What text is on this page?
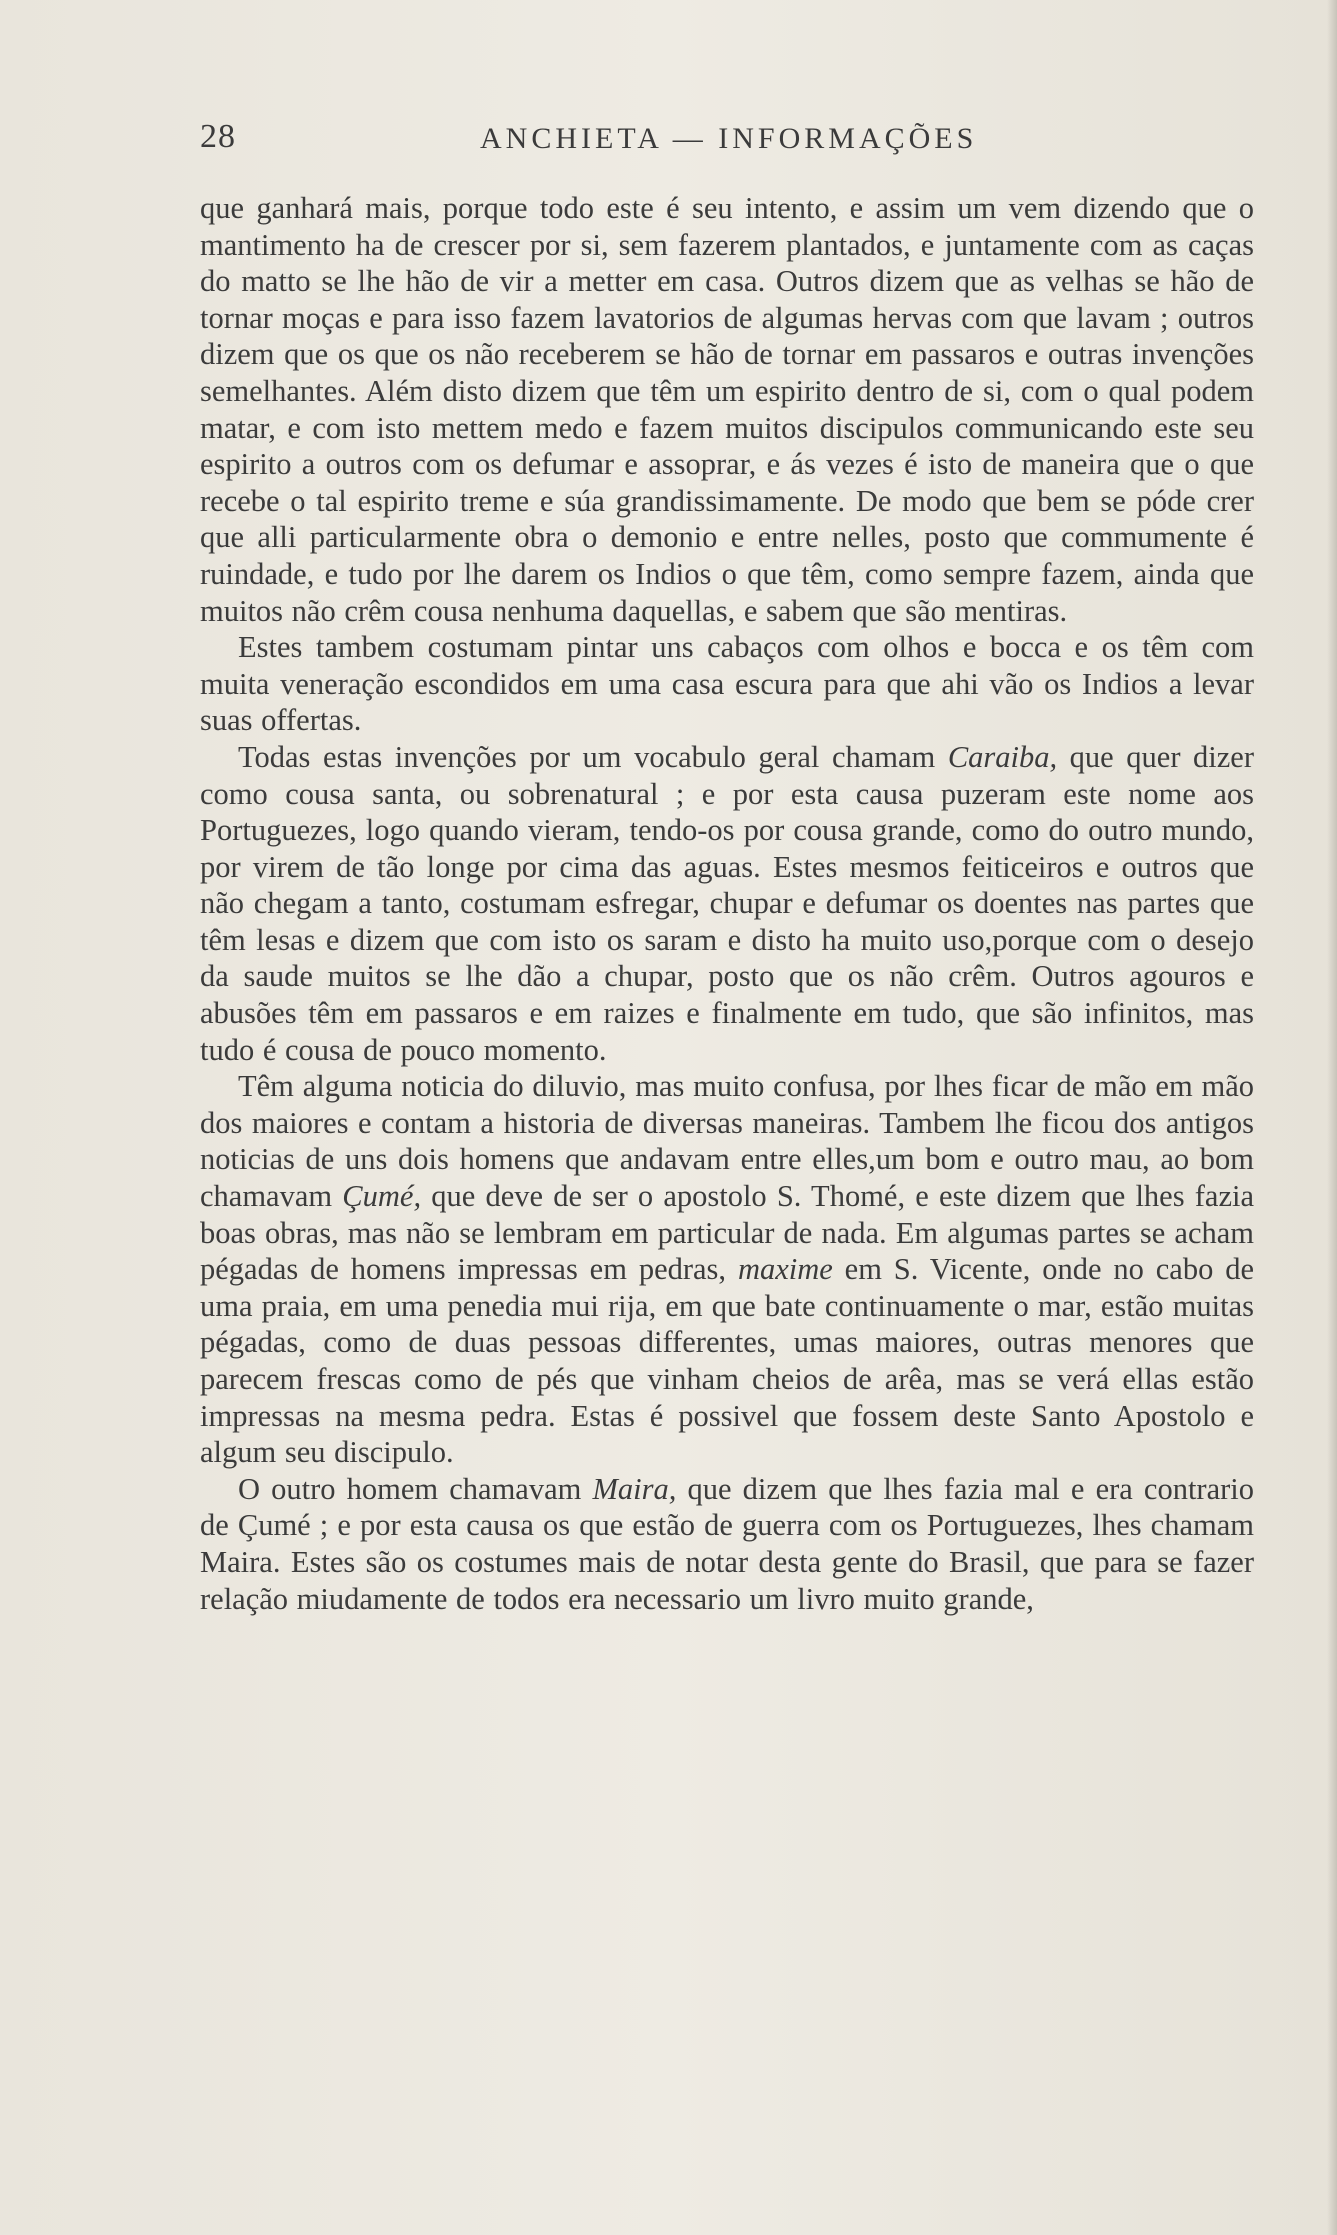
28	ANCHIETA — INFORMAÇÕES

que ganhará mais, porque todo este é seu intento, e assim um vem dizendo que o mantimento ha de crescer por si, sem fazerem plantados, e juntamente com as caças do matto se lhe hão de vir a metter em casa. Outros dizem que as velhas se hão de tornar moças e para isso fazem lavatorios de algumas hervas com que lavam ; outros dizem que os que os não receberem se hão de tornar em passaros e outras invenções semelhantes. Além disto dizem que têm um espirito dentro de si, com o qual podem matar, e com isto mettem medo e fazem muitos discipulos communicando este seu espirito a outros com os defumar e assoprar, e ás vezes é isto de maneira que o que recebe o tal espirito treme e súa grandissimamente. De modo que bem se póde crer que alli particularmente obra o demonio e entre nelles, posto que commumente é ruindade, e tudo por lhe darem os Indios o que têm, como sempre fazem, ainda que muitos não crêm cousa nenhuma daquellas, e sabem que são mentiras.

Estes tambem costumam pintar uns cabaços com olhos e bocca e os têm com muita veneração escondidos em uma casa escura para que ahi vão os Indios a levar suas offertas.

Todas estas invenções por um vocabulo geral chamam Caraiba, que quer dizer como cousa santa, ou sobrenatural ; e por esta causa puzeram este nome aos Portuguezes, logo quando vieram, tendo-os por cousa grande, como do outro mundo, por virem de tão longe por cima das aguas. Estes mesmos feiticeiros e outros que não chegam a tanto, costumam esfregar, chupar e defumar os doentes nas partes que têm lesas e dizem que com isto os saram e disto ha muito uso,porque com o desejo da saude muitos se lhe dão a chupar, posto que os não crêm. Outros agouros e abusões têm em passaros e em raizes e finalmente em tudo, que são infinitos, mas tudo é cousa de pouco momento.

Têm alguma noticia do diluvio, mas muito confusa, por lhes ficar de mão em mão dos maiores e contam a historia de diversas maneiras. Tambem lhe ficou dos antigos noticias de uns dois homens que andavam entre elles,um bom e outro mau, ao bom chamavam Çumé, que deve de ser o apostolo S. Thomé, e este dizem que lhes fazia boas obras, mas não se lembram em particular de nada. Em algumas partes se acham pégadas de homens impressas em pedras, maxime em S. Vicente, onde no cabo de uma praia, em uma penedia mui rija, em que bate continuamente o mar, estão muitas pégadas, como de duas pessoas differentes, umas maiores, outras menores que parecem frescas como de pés que vinham cheios de arêa, mas se verá ellas estão impressas na mesma pedra. Estas é possivel que fossem deste Santo Apostolo e algum seu discipulo.

O outro homem chamavam Maira, que dizem que lhes fazia mal e era contrario de Çumé ; e por esta causa os que estão de guerra com os Portuguezes, lhes chamam Maira. Estes são os costumes mais de notar desta gente do Brasil, que para se fazer relação miudamente de todos era necessario um livro muito grande,
